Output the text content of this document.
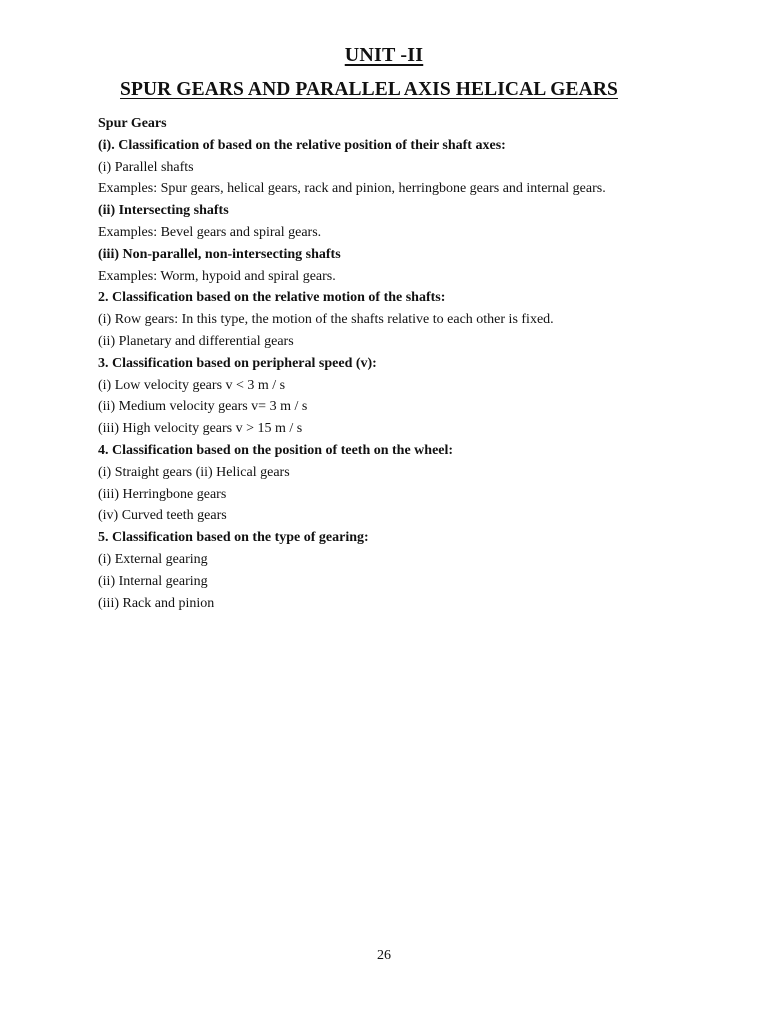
UNIT -II
SPUR GEARS AND PARALLEL AXIS HELICAL GEARS
Spur Gears
(i). Classification of based on the relative position of their shaft axes:
(i) Parallel shafts
Examples: Spur gears, helical gears, rack and pinion, herringbone gears and internal gears.
(ii) Intersecting shafts
Examples: Bevel gears and spiral gears.
(iii) Non-parallel, non-intersecting shafts
Examples: Worm, hypoid and spiral gears.
2. Classification based on the relative motion of the shafts:
(i) Row gears: In this type, the motion of the shafts relative to each other is fixed.
(ii) Planetary and differential gears
3. Classification based on peripheral speed (v):
(i) Low velocity gears v < 3 m / s
(ii) Medium velocity gears v= 3 m / s
(iii) High velocity gears v > 15 m / s
4. Classification based on the position of teeth on the wheel:
(i) Straight gears (ii) Helical gears
(iii) Herringbone gears
(iv) Curved teeth gears
5. Classification based on the type of gearing:
(i) External gearing
(ii) Internal gearing
(iii) Rack and pinion
26
